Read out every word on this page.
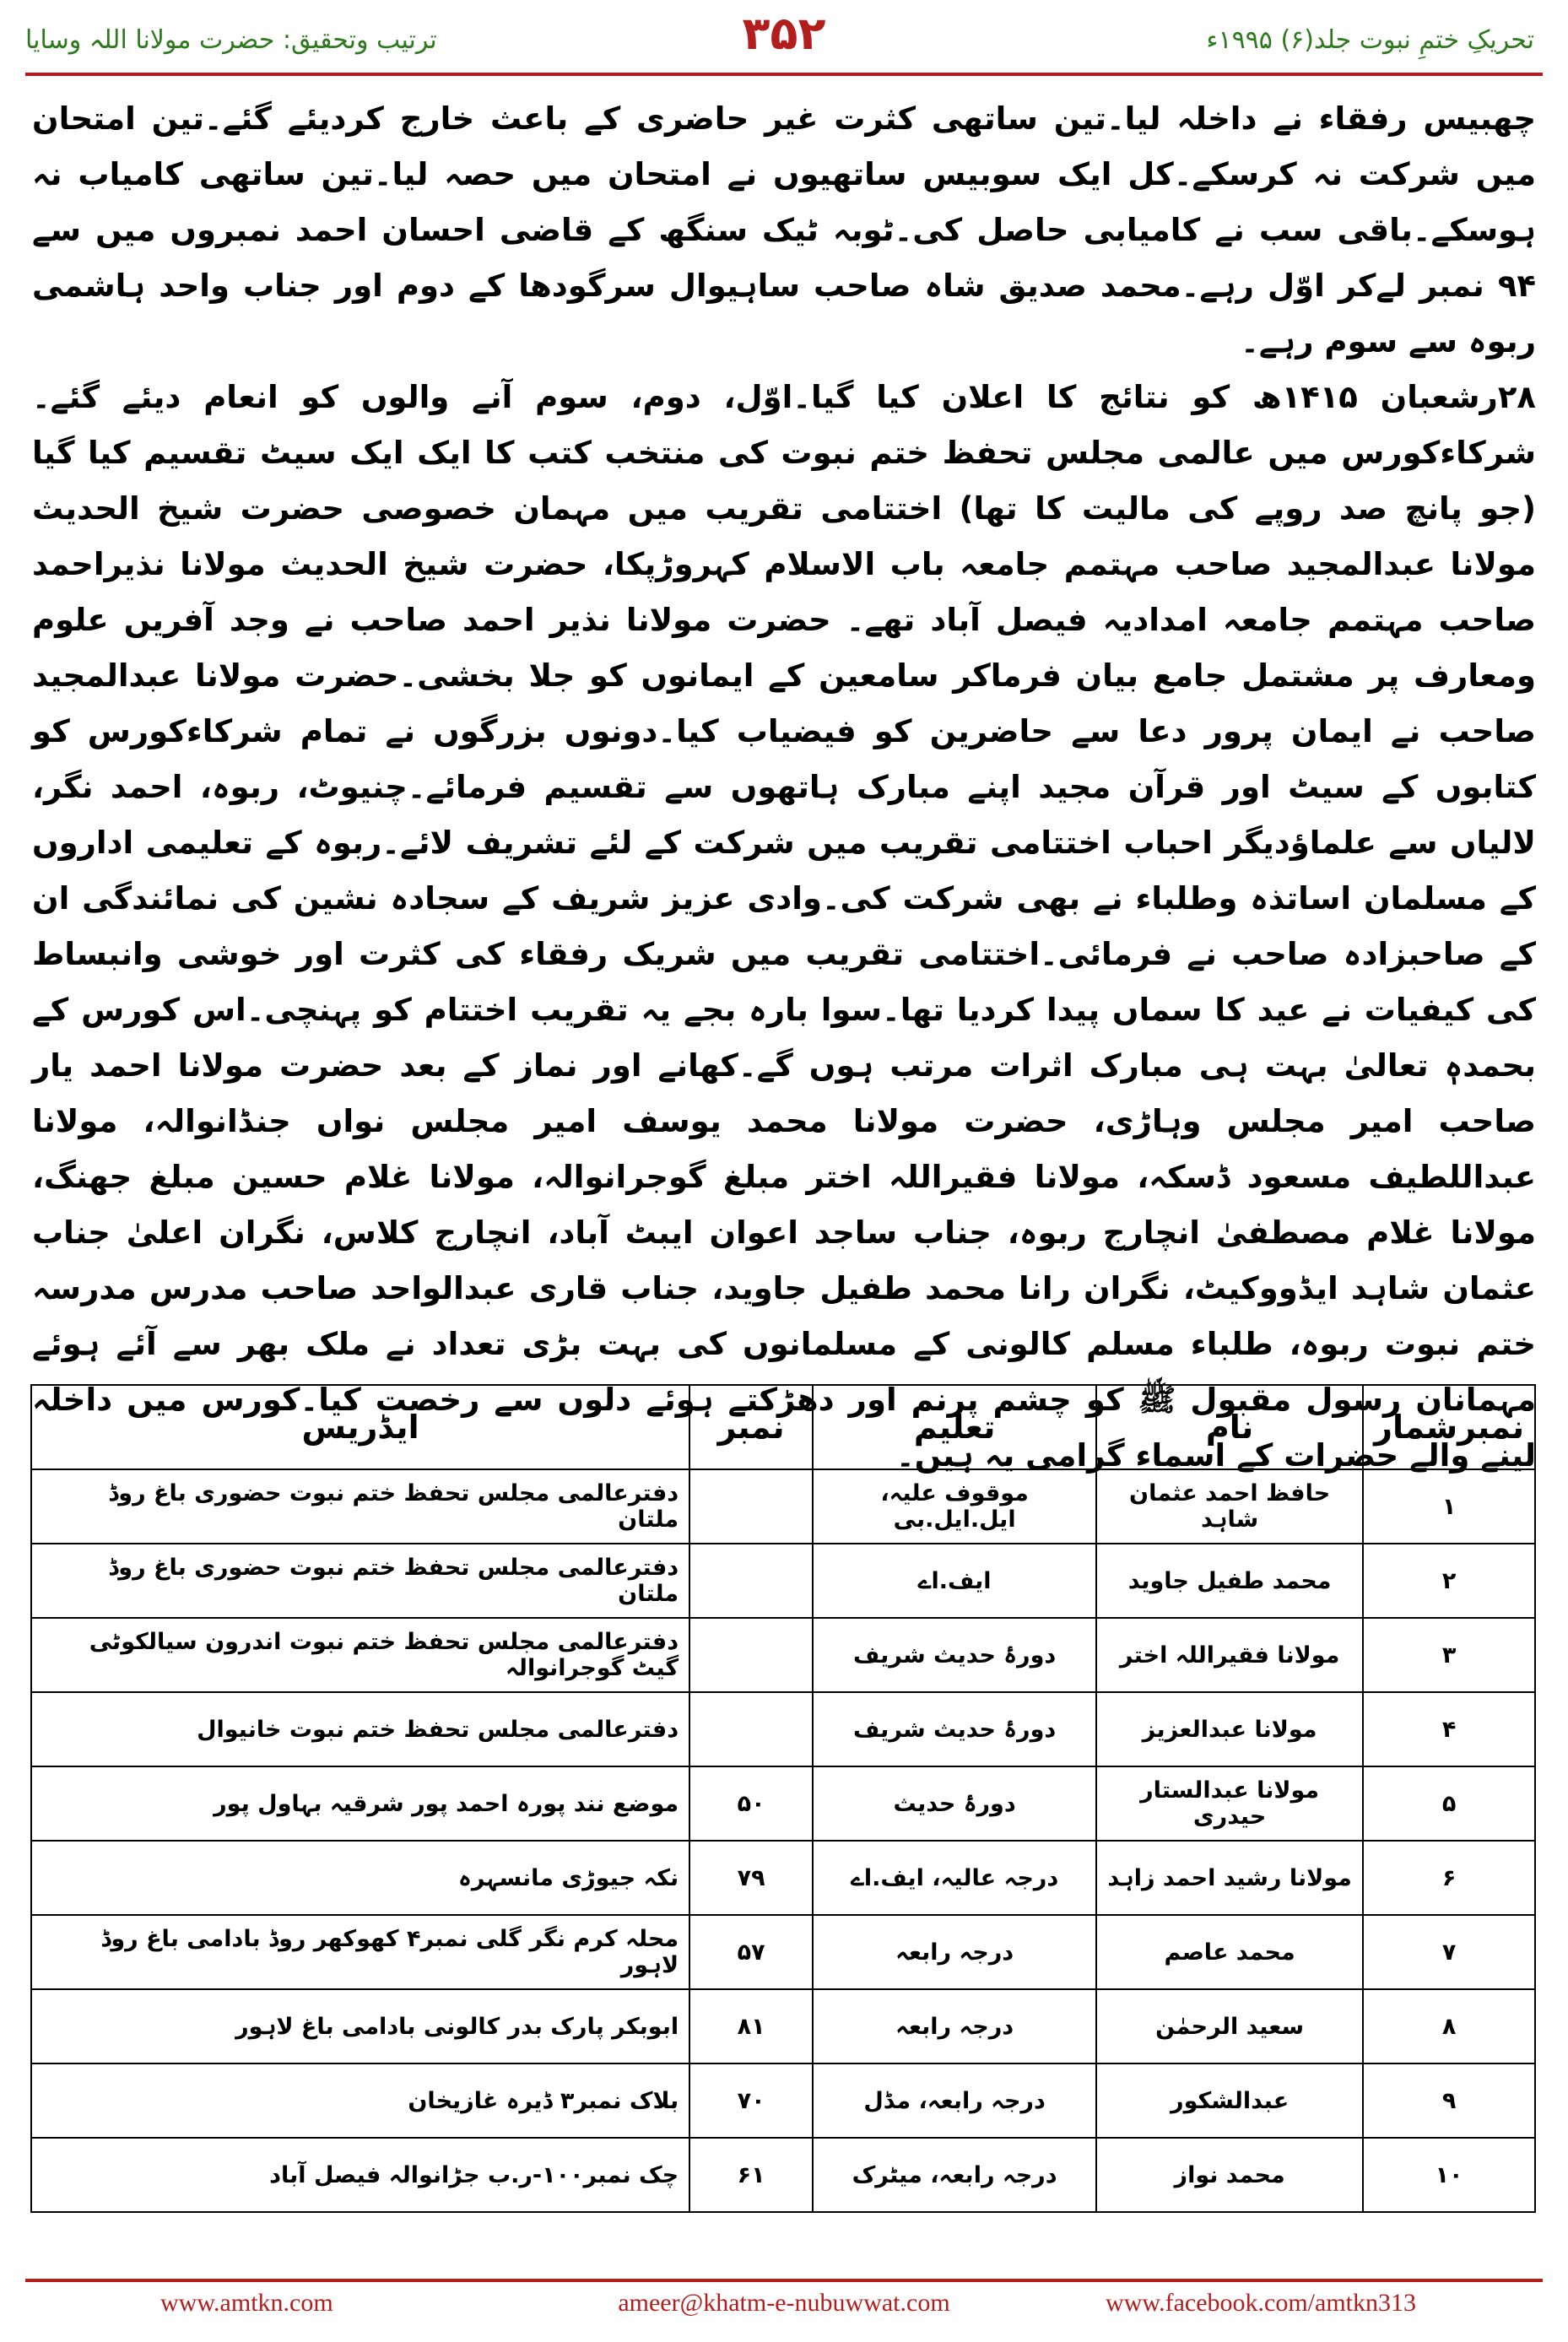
تحریکِ ختمِ نبوت جلد(۶) ۱۹۹۵ء
۳۵۲
ترتیب وتحقیق: حضرت مولانا اللہ وسایا

چھبیس رفقاء نے داخلہ لیا۔تین ساتھی کثرت غیر حاضری کے باعث خارج کردیئے گئے۔تین امتحان میں شرکت نہ کرسکے۔کل ایک سوبیس ساتھیوں نے امتحان میں حصہ لیا۔تین ساتھی کامیاب نہ ہوسکے۔باقی سب نے کامیابی حاصل کی۔ٹوبہ ٹیک سنگھ کے قاضی احسان احمد نمبروں میں سے ۹۴ نمبر لےکر اوّل رہے۔محمد صدیق شاہ صاحب ساہیوال سرگودھا کے دوم اور جناب واحد ہاشمی ربوہ سے سوم رہے۔

۲۸رشعبان ۱۴۱۵ھ کو نتائج کا اعلان کیا گیا۔اوّل، دوم، سوم آنے والوں کو انعام دیئے گئے۔شرکاءکورس میں عالمی مجلس تحفظ ختم نبوت کی منتخب کتب کا ایک ایک سیٹ تقسیم کیا گیا (جو پانچ صد روپے کی مالیت کا تھا) اختتامی تقریب میں مہمان خصوصی حضرت شیخ الحدیث مولانا عبدالمجید صاحب مہتمم جامعہ باب الاسلام کہروڑپکا، حضرت شیخ الحدیث مولانا نذیراحمد صاحب مہتمم جامعہ امدادیہ فیصل آباد تھے۔ حضرت مولانا نذیر احمد صاحب نے وجد آفریں علوم ومعارف پر مشتمل جامع بیان فرماکر سامعین کے ایمانوں کو جلا بخشی۔حضرت مولانا عبدالمجید صاحب نے ایمان پرور دعا سے حاضرین کو فیضیاب کیا۔دونوں بزرگوں نے تمام شرکاءکورس کو کتابوں کے سیٹ اور قرآن مجید اپنے مبارک ہاتھوں سے تقسیم فرمائے۔چنیوٹ، ربوہ، احمد نگر، لالیاں سے علماؤدیگر احباب اختتامی تقریب میں شرکت کے لئے تشریف لائے۔ربوہ کے تعلیمی اداروں کے مسلمان اساتذہ وطلباء نے بھی شرکت کی۔وادی عزیز شریف کے سجادہ نشین کی نمائندگی ان کے صاحبزادہ صاحب نے فرمائی۔اختتامی تقریب میں شریک رفقاء کی کثرت اور خوشی وانبساط کی کیفیات نے عید کا سماں پیدا کردیا تھا۔سوا بارہ بجے یہ تقریب اختتام کو پہنچی۔اس کورس کے بحمدہٖ تعالیٰ بہت ہی مبارک اثرات مرتب ہوں گے۔کھانے اور نماز کے بعد حضرت مولانا احمد یار صاحب امیر مجلس وہاڑی، حضرت مولانا محمد یوسف امیر مجلس نواں جنڈانوالہ، مولانا عبداللطیف مسعود ڈسکہ، مولانا فقیراللہ اختر مبلغ گوجرانوالہ، مولانا غلام حسین مبلغ جھنگ، مولانا غلام مصطفیٰ انچارج ربوہ، جناب ساجد اعوان ایبٹ آباد، انچارج کلاس، نگران اعلیٰ جناب عثمان شاہد ایڈووکیٹ، نگران رانا محمد طفیل جاوید، جناب قاری عبدالواحد صاحب مدرس مدرسہ ختم نبوت ربوہ، طلباء مسلم کالونی کے مسلمانوں کی بہت بڑی تعداد نے ملک بھر سے آئے ہوئے مہمانان رسول مقبول ﷺ کو چشم پرنم اور دھڑکتے ہوئے دلوں سے رخصت کیا۔کورس میں داخلہ لینے والے حضرات کے اسماء گرامی یہ ہیں۔

نمبرشمار	نام	تعلیم	نمبر	ایڈریس
۱	حافظ احمد عثمان شاہد	موقوف علیہ، ایل.ایل.بی		دفترعالمی مجلس تحفظ ختم نبوت حضوری باغ روڈ ملتان
۲	محمد طفیل جاوید	ایف.اے		دفترعالمی مجلس تحفظ ختم نبوت حضوری باغ روڈ ملتان
۳	مولانا فقیراللہ اختر	دورۂ حدیث شریف		دفترعالمی مجلس تحفظ ختم نبوت اندرون سیالکوٹی گیٹ گوجرانوالہ
۴	مولانا عبدالعزیز	دورۂ حدیث شریف		دفترعالمی مجلس تحفظ ختم نبوت خانیوال
۵	مولانا عبدالستار حیدری	دورۂ حدیث	۵۰	موضع نند پورہ احمد پور شرقیہ بہاول پور
۶	مولانا رشید احمد زاہد	درجہ عالیہ، ایف.اے	۷۹	نکہ جیوڑی مانسہرہ
۷	محمد عاصم	درجہ رابعہ	۵۷	محلہ کرم نگر گلی نمبر۴ کھوکھر روڈ بادامی باغ روڈ لاہور
۸	سعید الرحمٰن	درجہ رابعہ	۸۱	ابوبکر پارک بدر کالونی بادامی باغ لاہور
۹	عبدالشکور	درجہ رابعہ، مڈل	۷۰	بلاک نمبر۳ ڈیرہ غازیخان
۱۰	محمد نواز	درجہ رابعہ، میٹرک	۶۱	چک نمبر۱۰۰-ر.ب جڑانوالہ فیصل آباد
www.amtkn.com	ameer@khatm-e-nubuwwat.com	www.facebook.com/amtkn313
